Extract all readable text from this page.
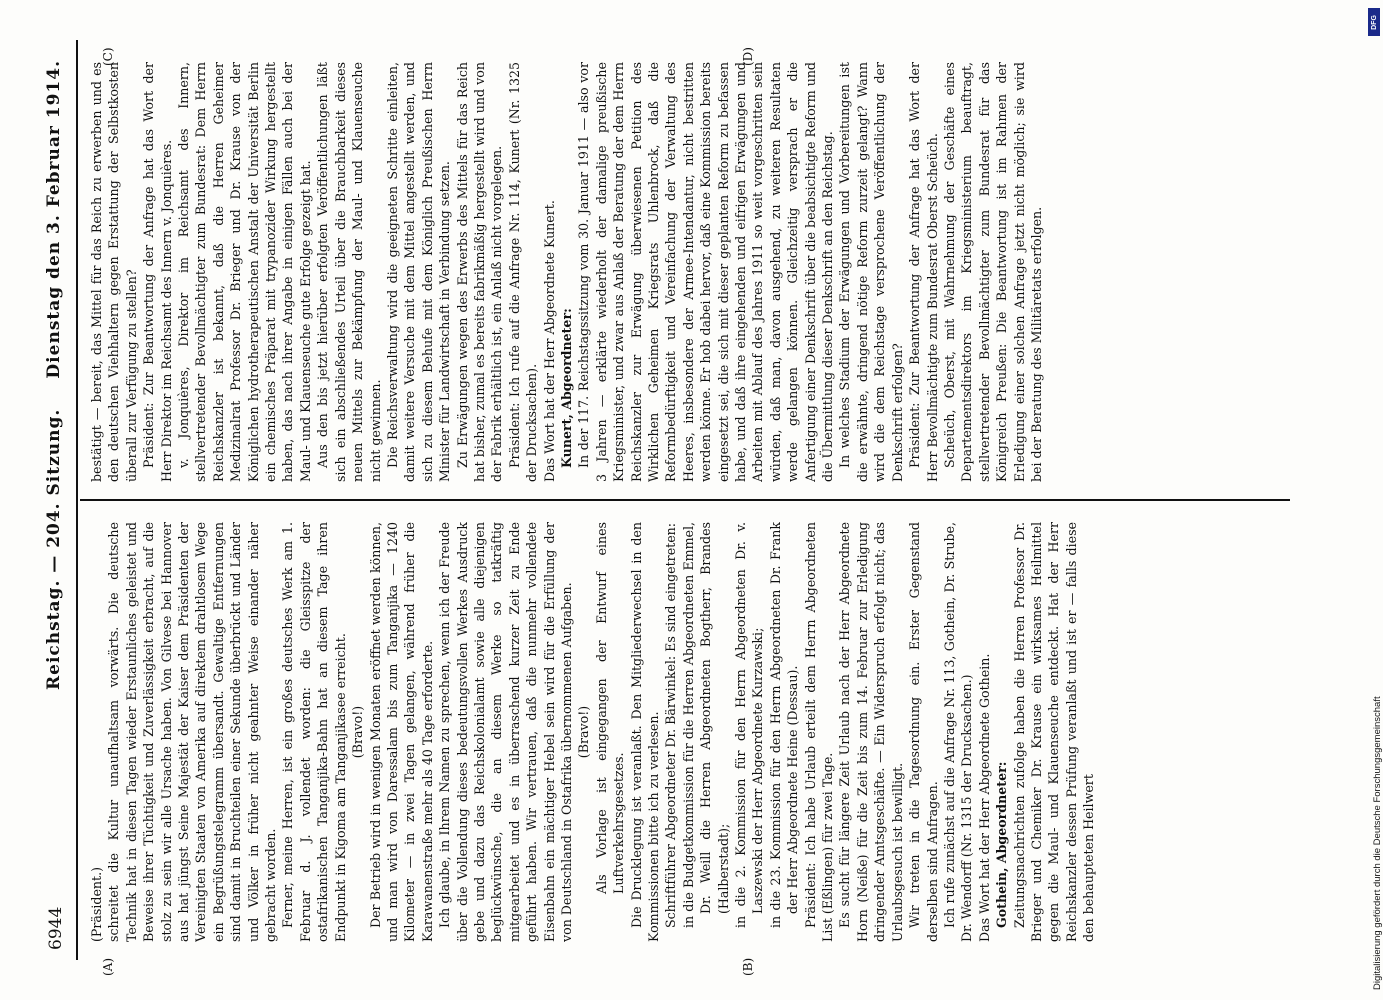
6944
Reichstag. — 204. Sitzung.
Dienstag den 3. Februar 1914.
(A)	(B)
(C)	(D)

(Präsident.) schreitet die Kultur unaufhaltsam vorwärts. Die deutsche Technik hat in diesen Tagen wieder Erstaunliches geleistet und Beweise ihrer Tüchtigkeit und Zuverlässigkeit erbracht, auf die stolz zu sein wir alle Ursache haben. Von Gilvese bei Hannover aus hat jüngst Seine Majestät der Kaiser dem Präsidenten der Vereinigten Staaten von Amerika auf direktem drahtlosem Wege ein Begrüßungstelegramm übersandt. Gewaltige Entfernungen sind damit in Bruchteilen einer Sekunde überbrückt und Länder und Völker in früher nicht geahnter Weise einander näher gebracht worden. Ferner, meine Herren, ist ein großes deutsches Werk am 1. Februar d. J. vollendet worden: die Gleisspitze der ostafrikanischen Tanganjika-Bahn hat an diesem Tage ihren Endpunkt in Kigoma am Tanganjikasee erreicht. (Bravo!) Der Betrieb wird in wenigen Monaten eröffnet werden können, und man wird von Daressalam bis zum Tanganjika — 1240 Kilometer — in zwei Tagen gelangen, während früher die Karawanenstraße mehr als 40 Tage erforderte. Ich glaube, in Ihrem Namen zu sprechen, wenn ich der Freude über die Vollendung dieses bedeutungsvollen Werkes Ausdruck gebe und dazu das Reichskolonialamt sowie alle diejenigen beglückwünsche, die an diesem Werke so tatkräftig mitgearbeitet und es in überraschend kurzer Zeit zu Ende geführt haben. Wir vertrauen, daß die nunmehr vollendete Eisenbahn ein mächtiger Hebel sein wird für die Erfüllung der von Deutschland in Ostafrika übernommenen Aufgaben. (Bravo!) Als Vorlage ist eingegangen der Entwurf eines Luftverkehrsgesetzes. Die Drucklegung ist veranlaßt. Den Mitgliederwechsel in den Kommissionen bitte ich zu verlesen. Schriftführer Abgeordneter Dr. Bärwinkel: Es sind eingetreten: in die Budgetkommission für die Herren Abgeordneten Emmel, Dr. Weill die Herren Abgeordneten Bogtherr, Brandes (Halberstadt); in die 2. Kommission für den Herrn Abgeordneten Dr. v. Laszewski der Herr Abgeordnete Kurzawski; in die 23. Kommission für den Herrn Abgeordneten Dr. Frank der Herr Abgeordnete Heine (Dessau). Präsident: Ich habe Urlaub erteilt dem Herrn Abgeordneten List (Eßlingen) für zwei Tage. Es sucht für längere Zeit Urlaub nach der Herr Abgeordnete Horn (Neiße) für die Zeit bis zum 14. Februar zur Erledigung dringender Amtsgeschäfte. — Ein Widerspruch erfolgt nicht; das Urlaubsgesuch ist bewilligt. Wir treten in die Tagesordnung ein. Erster Gegenstand derselben sind Anfragen. Ich rufe zunächst auf die Anfrage Nr. 113, Gothein, Dr. Strube, Dr. Wendorff (Nr. 1315 der Drucksachen.) Das Wort hat der Herr Abgeordnete Gothein. Gothein, Abgeordneter: Zeitungsnachrichten zufolge haben die Herren Professor Dr. Brieger und Chemiker Dr. Krause ein wirksames Heilmittel gegen die Maul- und Klauenseuche entdeckt. Hat der Herr Reichskanzler dessen Prüfung veranlaßt und ist er — falls diese den behaupteten Heilwert

bestätigt — bereit, das Mittel für das Reich zu erwerben und es den deutschen Viehhaltern gegen Erstattung der Selbstkosten überall zur Verfügung zu stellen? Präsident: Zur Beantwortung der Anfrage hat das Wort der Herr Direktor im Reichsamt des Innern v. Jonquières. v. Jonquières, Direktor im Reichsamt des Innern, stellvertretender Bevollmächtigter zum Bundesrat: Dem Herrn Reichskanzler ist bekannt, daß die Herren Geheimer Medizinalrat Professor Dr. Brieger und Dr. Krause von der Königlichen hydrotherapeutischen Anstalt der Universität Berlin ein chemisches Präparat mit trypanozider Wirkung hergestellt haben, das nach ihrer Angabe in einigen Fällen auch bei der Maul- und Klauenseuche gute Erfolge gezeigt hat. Aus den bis jetzt hierüber erfolgten Veröffentlichungen läßt sich ein abschließendes Urteil über die Brauchbarkeit dieses neuen Mittels zur Bekämpfung der Maul- und Klauenseuche nicht gewinnen. Die Reichsverwaltung wird die geeigneten Schritte einleiten, damit weitere Versuche mit dem Mittel angestellt werden, und sich zu diesem Behufe mit dem Königlich Preußischen Herrn Minister für Landwirtschaft in Verbindung setzen. Zu Erwägungen wegen des Erwerbs des Mittels für das Reich hat bisher, zumal es bereits fabrikmäßig hergestellt wird und von der Fabrik erhältlich ist, ein Anlaß nicht vorgelegen. Präsident: Ich rufe auf die Anfrage Nr. 114, Kunert (Nr. 1325 der Drucksachen). Das Wort hat der Herr Abgeordnete Kunert. Kunert, Abgeordneter: In der 117. Reichstagssitzung vom 30. Januar 1911 — also vor 3 Jahren — erklärte wiederholt der damalige preußische Kriegsminister, und zwar aus Anlaß der Beratung der dem Herrn Reichskanzler zur Erwägung überwiesenen Petition des Wirklichen Geheimen Kriegsrats Uhlenbrock, daß die Reformbedürftigkeit und Vereinfachung der Verwaltung des Heeres, insbesondere der Armee-Intendantur, nicht bestritten werden könne. Er hob dabei hervor, daß eine Kommission bereits eingesetzt sei, die sich mit dieser geplanten Reform zu befassen habe, und daß ihre eingehenden und eifrigen Erwägungen und Arbeiten mit Ablauf des Jahres 1911 so weit vorgeschritten sein würden, daß man, davon ausgehend, zu weiteren Resultaten werde gelangen können. Gleichzeitig versprach er die Anfertigung einer Denkschrift über die beabsichtigte Reform und die Übermittlung dieser Denkschrift an den Reichstag. In welches Stadium der Erwägungen und Vorbereitungen ist die erwähnte, dringend nötige Reform zurzeit gelangt? Wann wird die dem Reichstage versprochene Veröffentlichung der Denkschrift erfolgen? Präsident: Zur Beantwortung der Anfrage hat das Wort der Herr Bevollmächtigte zum Bundesrat Oberst Scheüch. Scheüch, Oberst, mit Wahrnehmung der Geschäfte eines Departementsdirektors im Kriegsministerium beauftragt, stellvertretender Bevollmächtigter zum Bundesrat für das Königreich Preußen: Die Beantwortung ist im Rahmen der Erledigung einer solchen Anfrage jetzt nicht möglich; sie wird bei der Beratung des Militäretats erfolgen.

DFG
Digitalisierung gefördert durch die Deutsche Forschungsgemeinschaft
